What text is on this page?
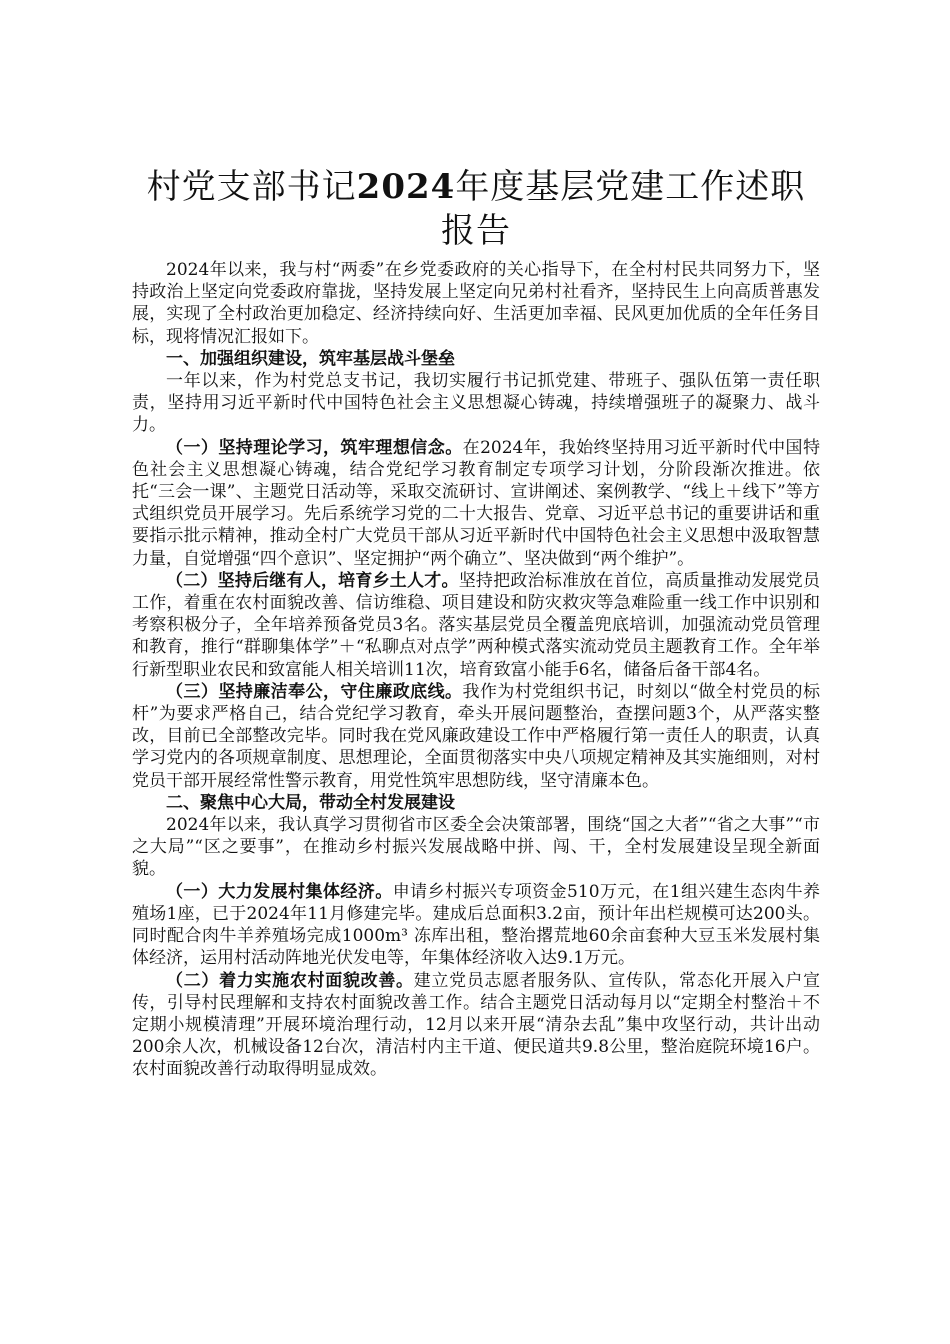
村党支部书记2024年度基层党建工作述职报告

2024年以来，我与村“两委”在乡党委政府的关心指导下，在全村村民共同努力下，坚持政治上坚定向党委政府靠拢，坚持发展上坚定向兄弟村社看齐，坚持民生上向高质普惠发展，实现了全村政治更加稳定、经济持续向好、生活更加幸福、民风更加优质的全年任务目标，现将情况汇报如下。

一、加强组织建设，筑牢基层战斗堡垒

一年以来，作为村党总支书记，我切实履行书记抓党建、带班子、强队伍第一责任职责，坚持用习近平新时代中国特色社会主义思想凝心铸魂，持续增强班子的凝聚力、战斗力。

（一）坚持理论学习，筑牢理想信念。在2024年，我始终坚持用习近平新时代中国特色社会主义思想凝心铸魂，结合党纪学习教育制定专项学习计划，分阶段渐次推进。依托“三会一课”、主题党日活动等，采取交流研讨、宣讲阐述、案例教学、“线上＋线下”等方式组织党员开展学习。先后系统学习党的二十大报告、党章、习近平总书记的重要讲话和重要指示批示精神，推动全村广大党员干部从习近平新时代中国特色社会主义思想中汲取智慧力量，自觉增强“四个意识”、坚定拥护“两个确立”、坚决做到“两个维护”。

（二）坚持后继有人，培育乡土人才。坚持把政治标准放在首位，高质量推动发展党员工作，着重在农村面貌改善、信访维稳、项目建设和防灾救灾等急难险重一线工作中识别和考察积极分子，全年培养预备党员3名。落实基层党员全覆盖兜底培训，加强流动党员管理和教育，推行“群聊集体学”＋“私聊点对点学”两种模式落实流动党员主题教育工作。全年举行新型职业农民和致富能人相关培训11次，培育致富小能手6名，储备后备干部4名。

（三）坚持廉洁奉公，守住廉政底线。我作为村党组织书记，时刻以“做全村党员的标杆”为要求严格自己，结合党纪学习教育，牵头开展问题整治，查摆问题3个，从严落实整改，目前已全部整改完毕。同时我在党风廉政建设工作中严格履行第一责任人的职责，认真学习党内的各项规章制度、思想理论，全面贯彻落实中央八项规定精神及其实施细则，对村党员干部开展经常性警示教育，用党性筑牢思想防线，坚守清廉本色。

二、聚焦中心大局，带动全村发展建设

2024年以来，我认真学习贯彻省市区委全会决策部署，围绕“国之大者”“省之大事”“市之大局”“区之要事”，在推动乡村振兴发展战略中拼、闯、干，全村发展建设呈现全新面貌。

（一）大力发展村集体经济。申请乡村振兴专项资金510万元，在1组兴建生态肉牛养殖场1座，已于2024年11月修建完毕。建成后总面积3.2亩，预计年出栏规模可达200头。同时配合肉牛羊养殖场完成1000m³ 冻库出租，整治撂荒地60余亩套种大豆玉米发展村集体经济，运用村活动阵地光伏发电等，年集体经济收入达9.1万元。

（二）着力实施农村面貌改善。建立党员志愿者服务队、宣传队，常态化开展入户宣传，引导村民理解和支持农村面貌改善工作。结合主题党日活动每月以“定期全村整治＋不定期小规模清理”开展环境治理行动，12月以来开展“清杂去乱”集中攻坚行动，共计出动200余人次，机械设备12台次，清洁村内主干道、便民道共9.8公里，整治庭院环境16户。农村面貌改善行动取得明显成效。
